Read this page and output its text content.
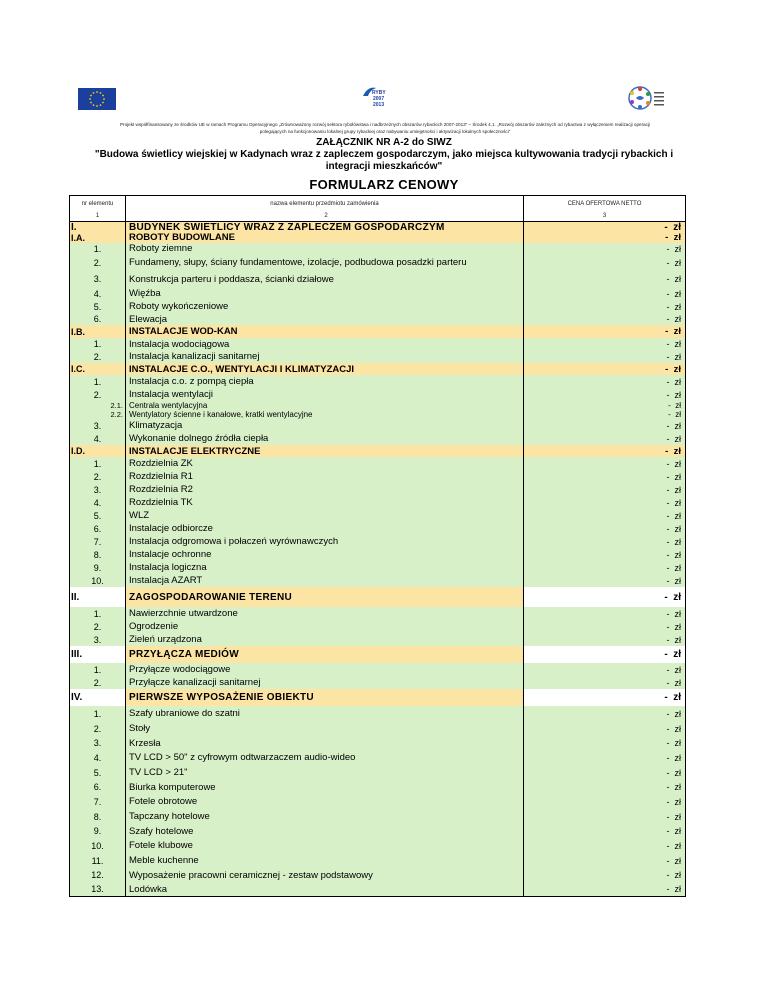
RYBY
2007
2013
Projekt współfinansowany ze środków UE w ramach Programu Operacyjnego „Zrównoważony rozwój sektora rybołówstwa i nadbrzeżnych obszarów rybackich 2007-2013” – Środek 4.1. „Rozwój obszarów zależnych od rybactwa z wyłączeniem realizacji operacji
polegających na funkcjonowaniu lokalnej grupy rybackiej oraz nabywaniu umiejętności i aktywizacji lokalnych społeczności”
ZAŁĄCZNIK NR A-2 do SIWZ
"Budowa świetlicy wiejskiej w Kadynach wraz z zapleczem gospodarczym, jako miejsca kultywowania tradycji rybackich i
integracji mieszkańców"
FORMULARZ CENOWY
nr elementu	nazwa elementu przedmiotu zamówienia	CENA OFERTOWA NETTO
1	2	3
I.	BUDYNEK ŚWIETLICY WRAZ Z ZAPLECZEM GOSPODARCZYM	-  zł
I.A.	ROBOTY BUDOWLANE	-  zł
1.	Roboty ziemne	-  zł
2.	Fundameny, słupy, ściany fundamentowe, izolacje, podbudowa posadzki parteru	-  zł
3.	Konstrukcja parteru i poddasza, ścianki działowe	-  zł
4.	Więźba	-  zł
5.	Roboty wykończeniowe	-  zł
6.	Elewacja	-  zł
I.B.	INSTALACJE WOD-KAN	-  zł
1.	Instalacja wodociągowa	-  zł
2.	Instalacja kanalizacji sanitarnej	-  zł
I.C.	INSTALACJE C.O., WENTYLACJI I KLIMATYZACJI	-  zł
1.	Instalacja c.o. z pompą ciepła	-  zł
2.	Instalacja wentylacji	-  zł
2.1. Centrala wentylacyjna	-  zł
2.2. Wentylatory ścienne i kanałowe, kratki wentylacyjne	-  zł
3.	Klimatyzacja	-  zł
4.	Wykonanie dolnego źródła ciepła	-  zł
I.D.	INSTALACJE ELEKTRYCZNE	-  zł
1.	Rozdzielnia ZK	-  zł
2.	Rozdzielnia R1	-  zł
3.	Rozdzielnia R2	-  zł
4.	Rozdzielnia TK	-  zł
5.	WLZ	-  zł
6.	Instalacje odbiorcze	-  zł
7.	Instalacja odgromowa i połaczeń wyrównawczych	-  zł
8.	Instalacje ochronne	-  zł
9.	Instalacja logiczna	-  zł
10.	Instalacja AZART	-  zł
II.	ZAGOSPODAROWANIE TERENU	-  zł
1.	Nawierzchnie utwardzone	-  zł
2.	Ogrodzenie	-  zł
3.	Zieleń urządzona	-  zł
III.	PRZYŁĄCZA MEDIÓW	-  zł
1.	Przyłącze wodociągowe	-  zł
2.	Przyłącze kanalizacji sanitarnej	-  zł
IV.	PIERWSZE WYPOSAŻENIE OBIEKTU	-  zł
1.	Szafy ubraniowe do szatni	-  zł
2.	Stoły	-  zł
3.	Krzesła	-  zł
4.	TV LCD > 50" z cyfrowym odtwarzaczem audio-wideo	-  zł
5.	TV LCD > 21"	-  zł
6.	Biurka komputerowe	-  zł
7.	Fotele obrotowe	-  zł
8.	Tapczany hotelowe	-  zł
9.	Szafy hotelowe	-  zł
10.	Fotele klubowe	-  zł
11.	Meble kuchenne	-  zł
12.	Wyposażenie pracowni ceramicznej - zestaw podstawowy	-  zł
13.	Lodówka	-  zł
